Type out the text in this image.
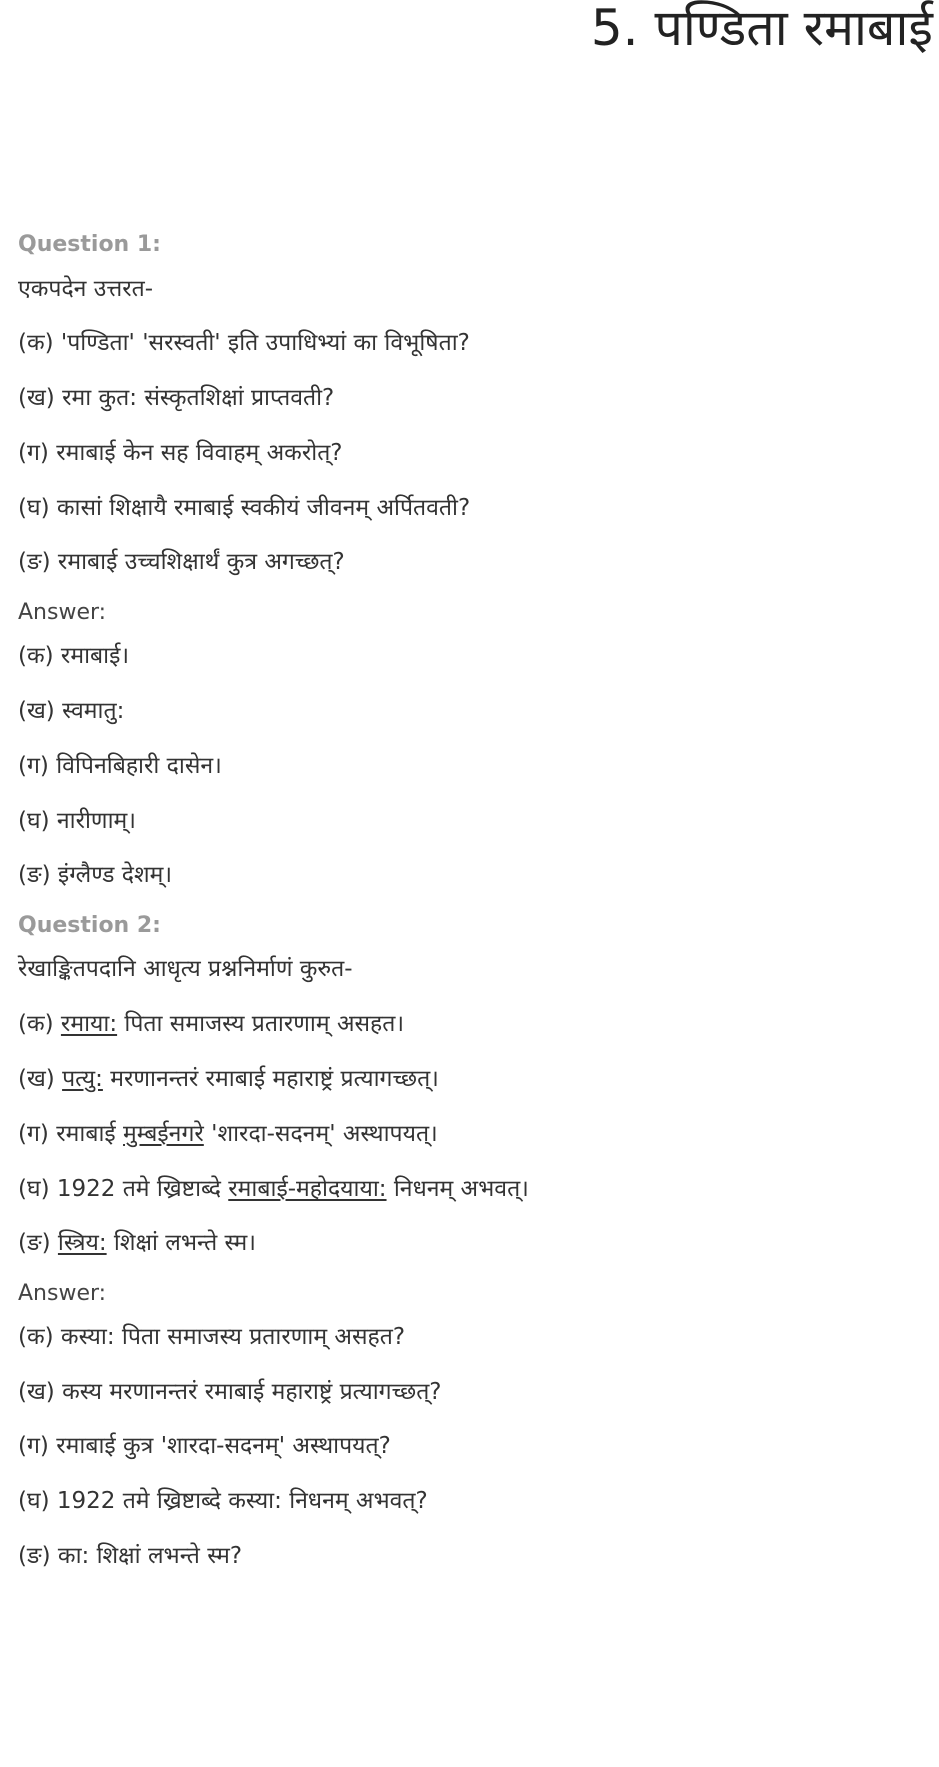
5. पण्डिता रमाबाई
Question 1:
एकपदेन उत्तरत-
(क) 'पण्डिता' 'सरस्वती' इति उपाधिभ्यां का विभूषिता?
(ख) रमा कुत: संस्कृतशिक्षां प्राप्तवती?
(ग) रमाबाई केन सह विवाहम् अकरोत्?
(घ) कासां शिक्षायै रमाबाई स्वकीयं जीवनम् अर्पितवती?
(ङ) रमाबाई उच्चशिक्षार्थं कुत्र अगच्छत्?
Answer:
(क) रमाबाई।
(ख) स्वमातु:
(ग) विपिनबिहारी दासेन।
(घ) नारीणाम्।
(ङ) इंग्लैण्ड देशम्।
Question 2:
रेखाङ्कितपदानि आधृत्य प्रश्ननिर्माणं कुरुत-
(क) रमाया: पिता समाजस्य प्रतारणाम् असहत।
(ख) पत्यु: मरणानन्तरं रमाबाई महाराष्ट्रं प्रत्यागच्छत्।
(ग) रमाबाई मुम्बईनगरे 'शारदा-सदनम्' अस्थापयत्।
(घ) 1922 तमे ख्रिष्टाब्दे रमाबाई-महोदयाया: निधनम् अभवत्।
(ङ) स्त्रिय: शिक्षां लभन्ते स्म।
Answer:
(क) कस्या: पिता समाजस्य प्रतारणाम् असहत?
(ख) कस्य मरणानन्तरं रमाबाई महाराष्ट्रं प्रत्यागच्छत्?
(ग) रमाबाई कुत्र 'शारदा-सदनम्' अस्थापयत्?
(घ) 1922 तमे ख्रिष्टाब्दे कस्या: निधनम् अभवत्?
(ङ) का: शिक्षां लभन्ते स्म?
